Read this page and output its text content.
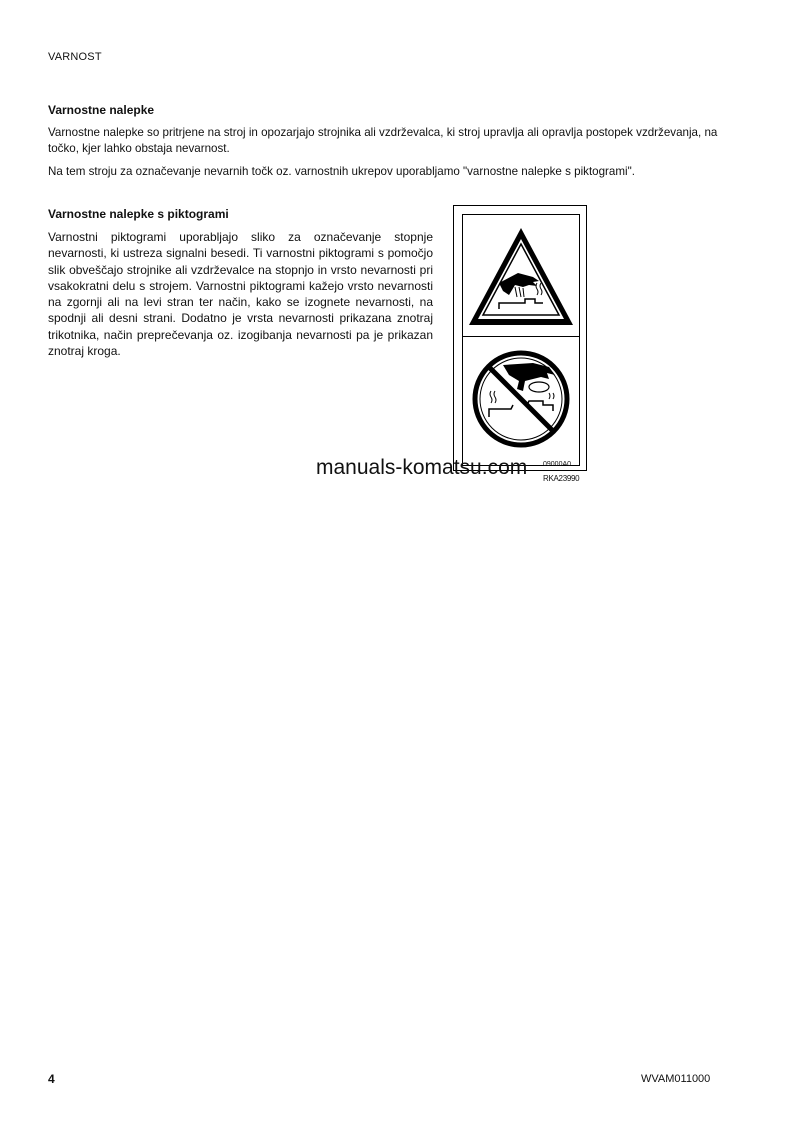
VARNOST
Varnostne nalepke
Varnostne nalepke so pritrjene na stroj in opozarjajo strojnika ali vzdrževalca, ki stroj upravlja ali opravlja postopek vzdrževanja, na točko, kjer lahko obstaja nevarnost.
Na tem stroju za označevanje nevarnih točk oz. varnostnih ukrepov uporabljamo "varnostne nalepke s piktogrami".
Varnostne nalepke s piktogrami
Varnostni piktogrami uporabljajo sliko za označevanje stopnje nevarnosti, ki ustreza signalni besedi. Ti varnostni piktogrami s pomočjo slik obveščajo strojnike ali vzdrževalce na stopnjo in vrsto nevarnosti pri vsakokratni delu s strojem. Varnostni piktogrami kažejo vrsto nevarnosti na zgornji ali na levi stran ter način, kako se izognete nevarnosti, na spodnji ali desni strani. Dodatno je vrsta nevarnosti prikazana znotraj trikotnika, način preprečevanja oz. izogibanja nevarnosti pa je prikazan znotraj kroga.
09000A0
RKA23990
manuals-komatsu.com
4	WVAM011000
